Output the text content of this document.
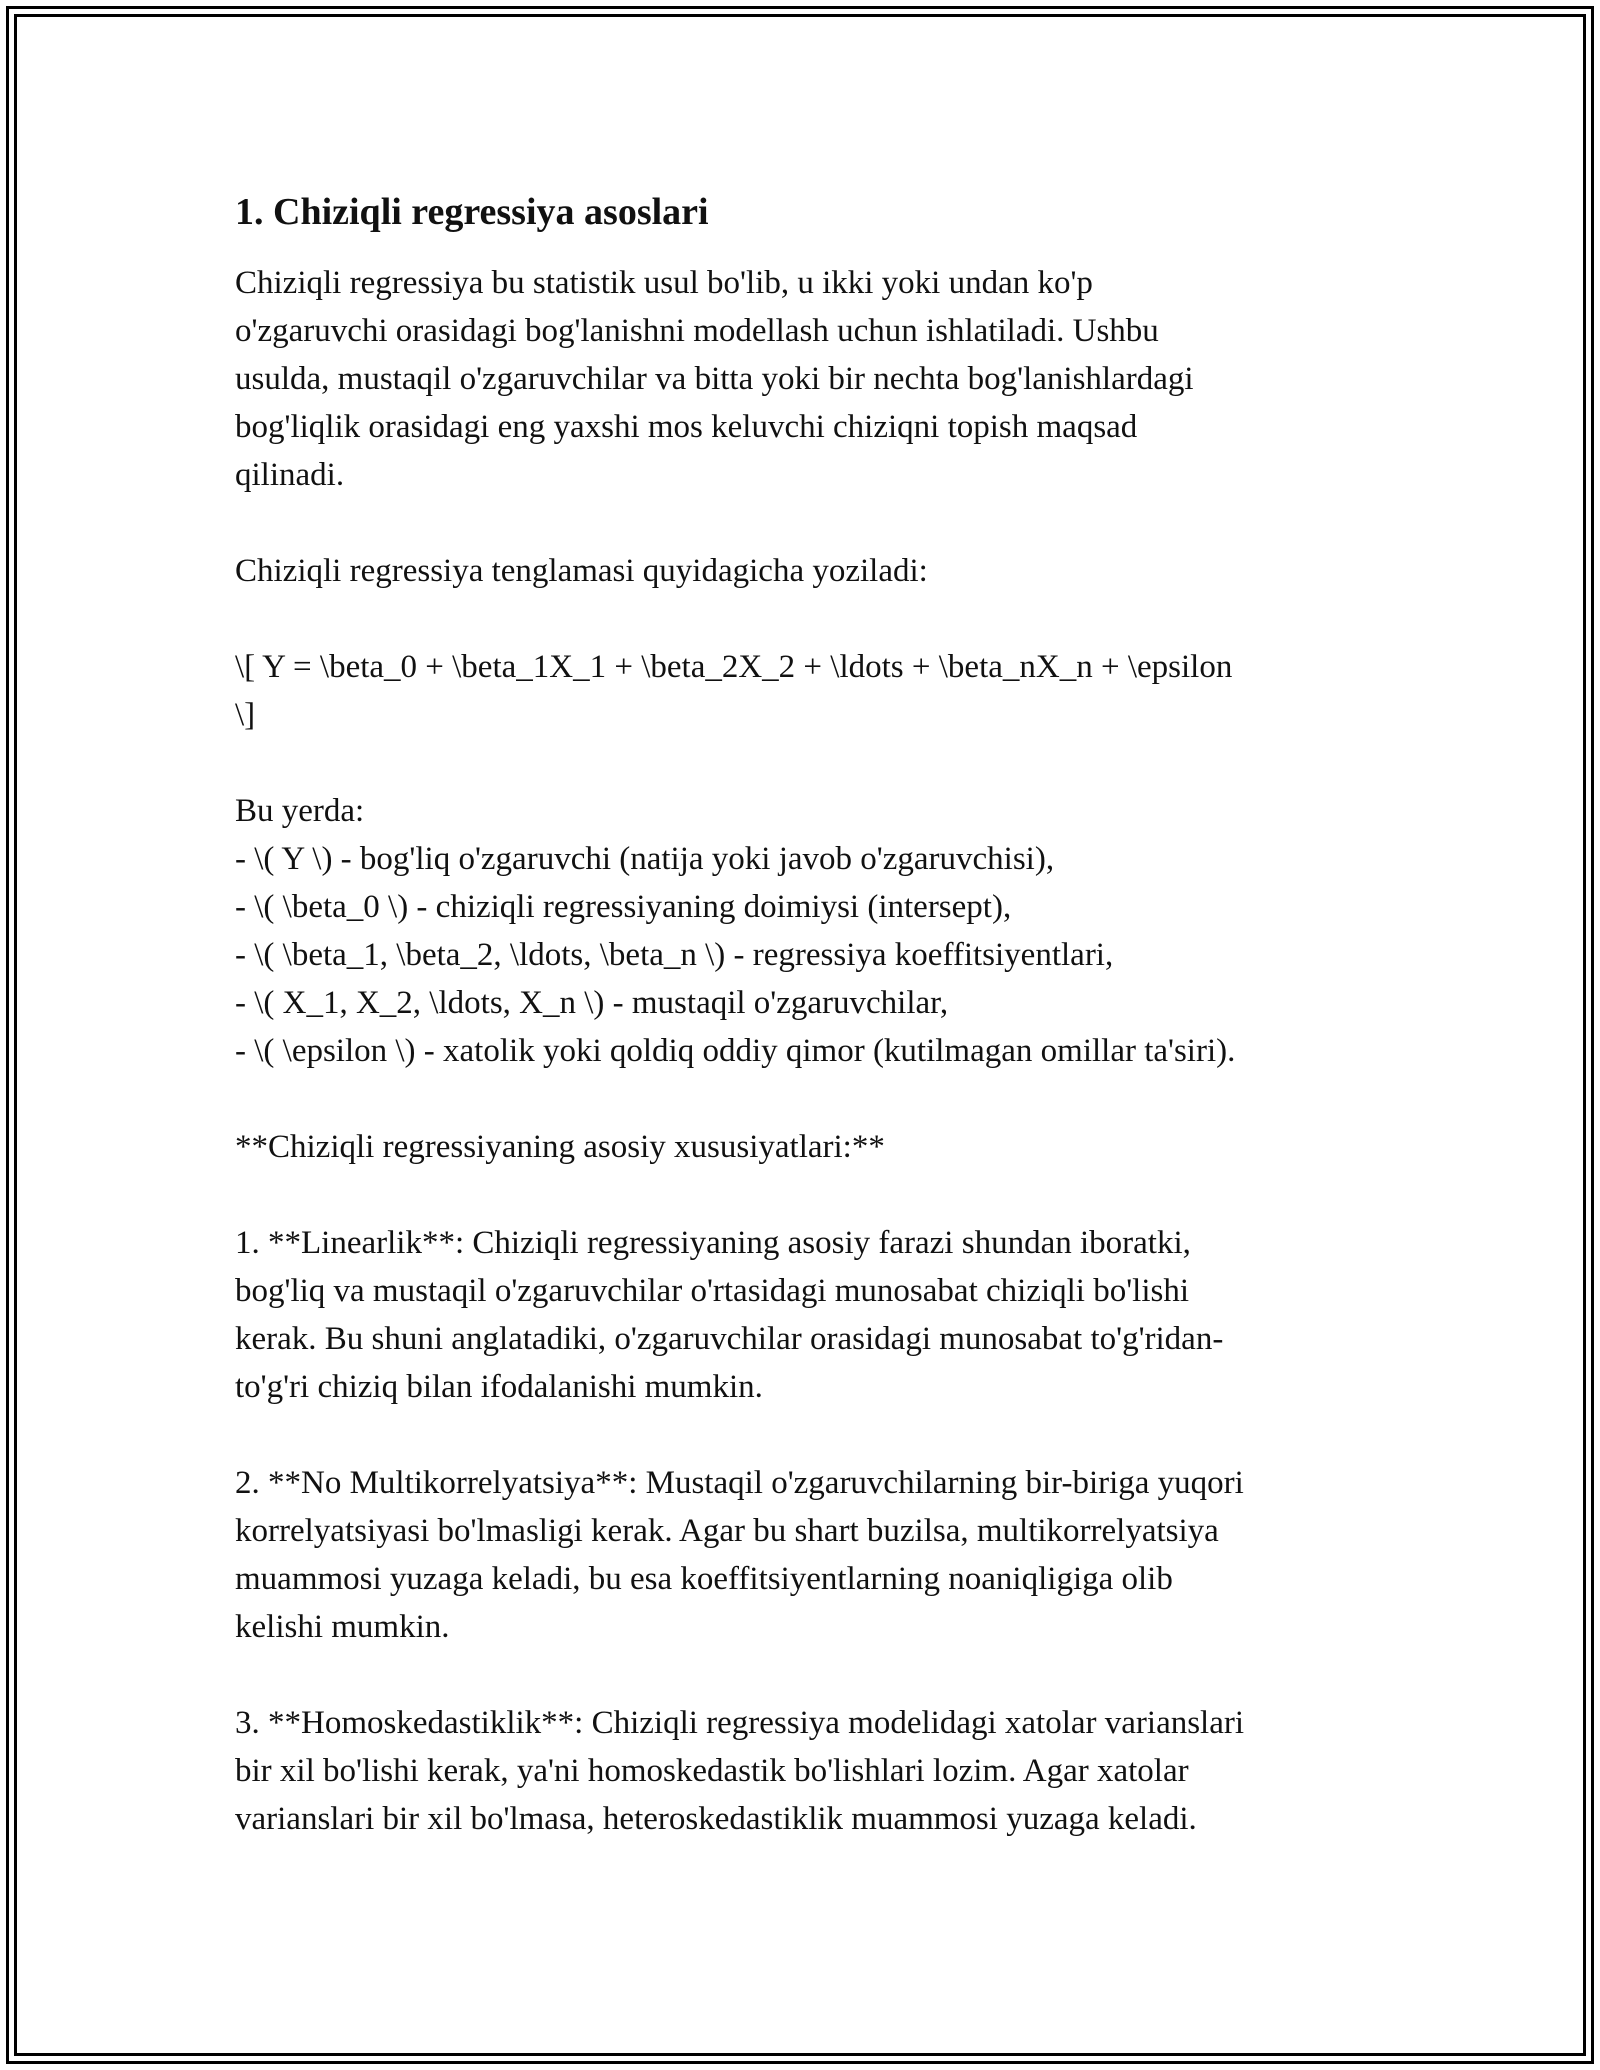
1. Chiziqli regressiya asoslari

Chiziqli regressiya bu statistik usul bo'lib, u ikki yoki undan ko'p
o'zgaruvchi orasidagi bog'lanishni modellash uchun ishlatiladi. Ushbu
usulda, mustaqil o'zgaruvchilar va bitta yoki bir nechta bog'lanishlardagi
bog'liqlik orasidagi eng yaxshi mos keluvchi chiziqni topish maqsad
qilinadi.

Chiziqli regressiya tenglamasi quyidagicha yoziladi:

\[ Y = \beta_0 + \beta_1X_1 + \beta_2X_2 + \ldots + \beta_nX_n + \epsilon
\]

Bu yerda:
- \( Y \) - bog'liq o'zgaruvchi (natija yoki javob o'zgaruvchisi),
- \( \beta_0 \) - chiziqli regressiyaning doimiysi (intersept),
- \( \beta_1, \beta_2, \ldots, \beta_n \) - regressiya koeffitsiyentlari,
- \( X_1, X_2, \ldots, X_n \) - mustaqil o'zgaruvchilar,
- \( \epsilon \) - xatolik yoki qoldiq oddiy qimor (kutilmagan omillar ta'siri).

**Chiziqli regressiyaning asosiy xususiyatlari:**

1. **Linearlik**: Chiziqli regressiyaning asosiy farazi shundan iboratki,
bog'liq va mustaqil o'zgaruvchilar o'rtasidagi munosabat chiziqli bo'lishi
kerak. Bu shuni anglatadiki, o'zgaruvchilar orasidagi munosabat to'g'ridan-
to'g'ri chiziq bilan ifodalanishi mumkin.

2. **No Multikorrelyatsiya**: Mustaqil o'zgaruvchilarning bir-biriga yuqori
korrelyatsiyasi bo'lmasligi kerak. Agar bu shart buzilsa, multikorrelyatsiya
muammosi yuzaga keladi, bu esa koeffitsiyentlarning noaniqligiga olib
kelishi mumkin.

3. **Homoskedastiklik**: Chiziqli regressiya modelidagi xatolar varianslari
bir xil bo'lishi kerak, ya'ni homoskedastik bo'lishlari lozim. Agar xatolar
varianslari bir xil bo'lmasa, heteroskedastiklik muammosi yuzaga keladi.
